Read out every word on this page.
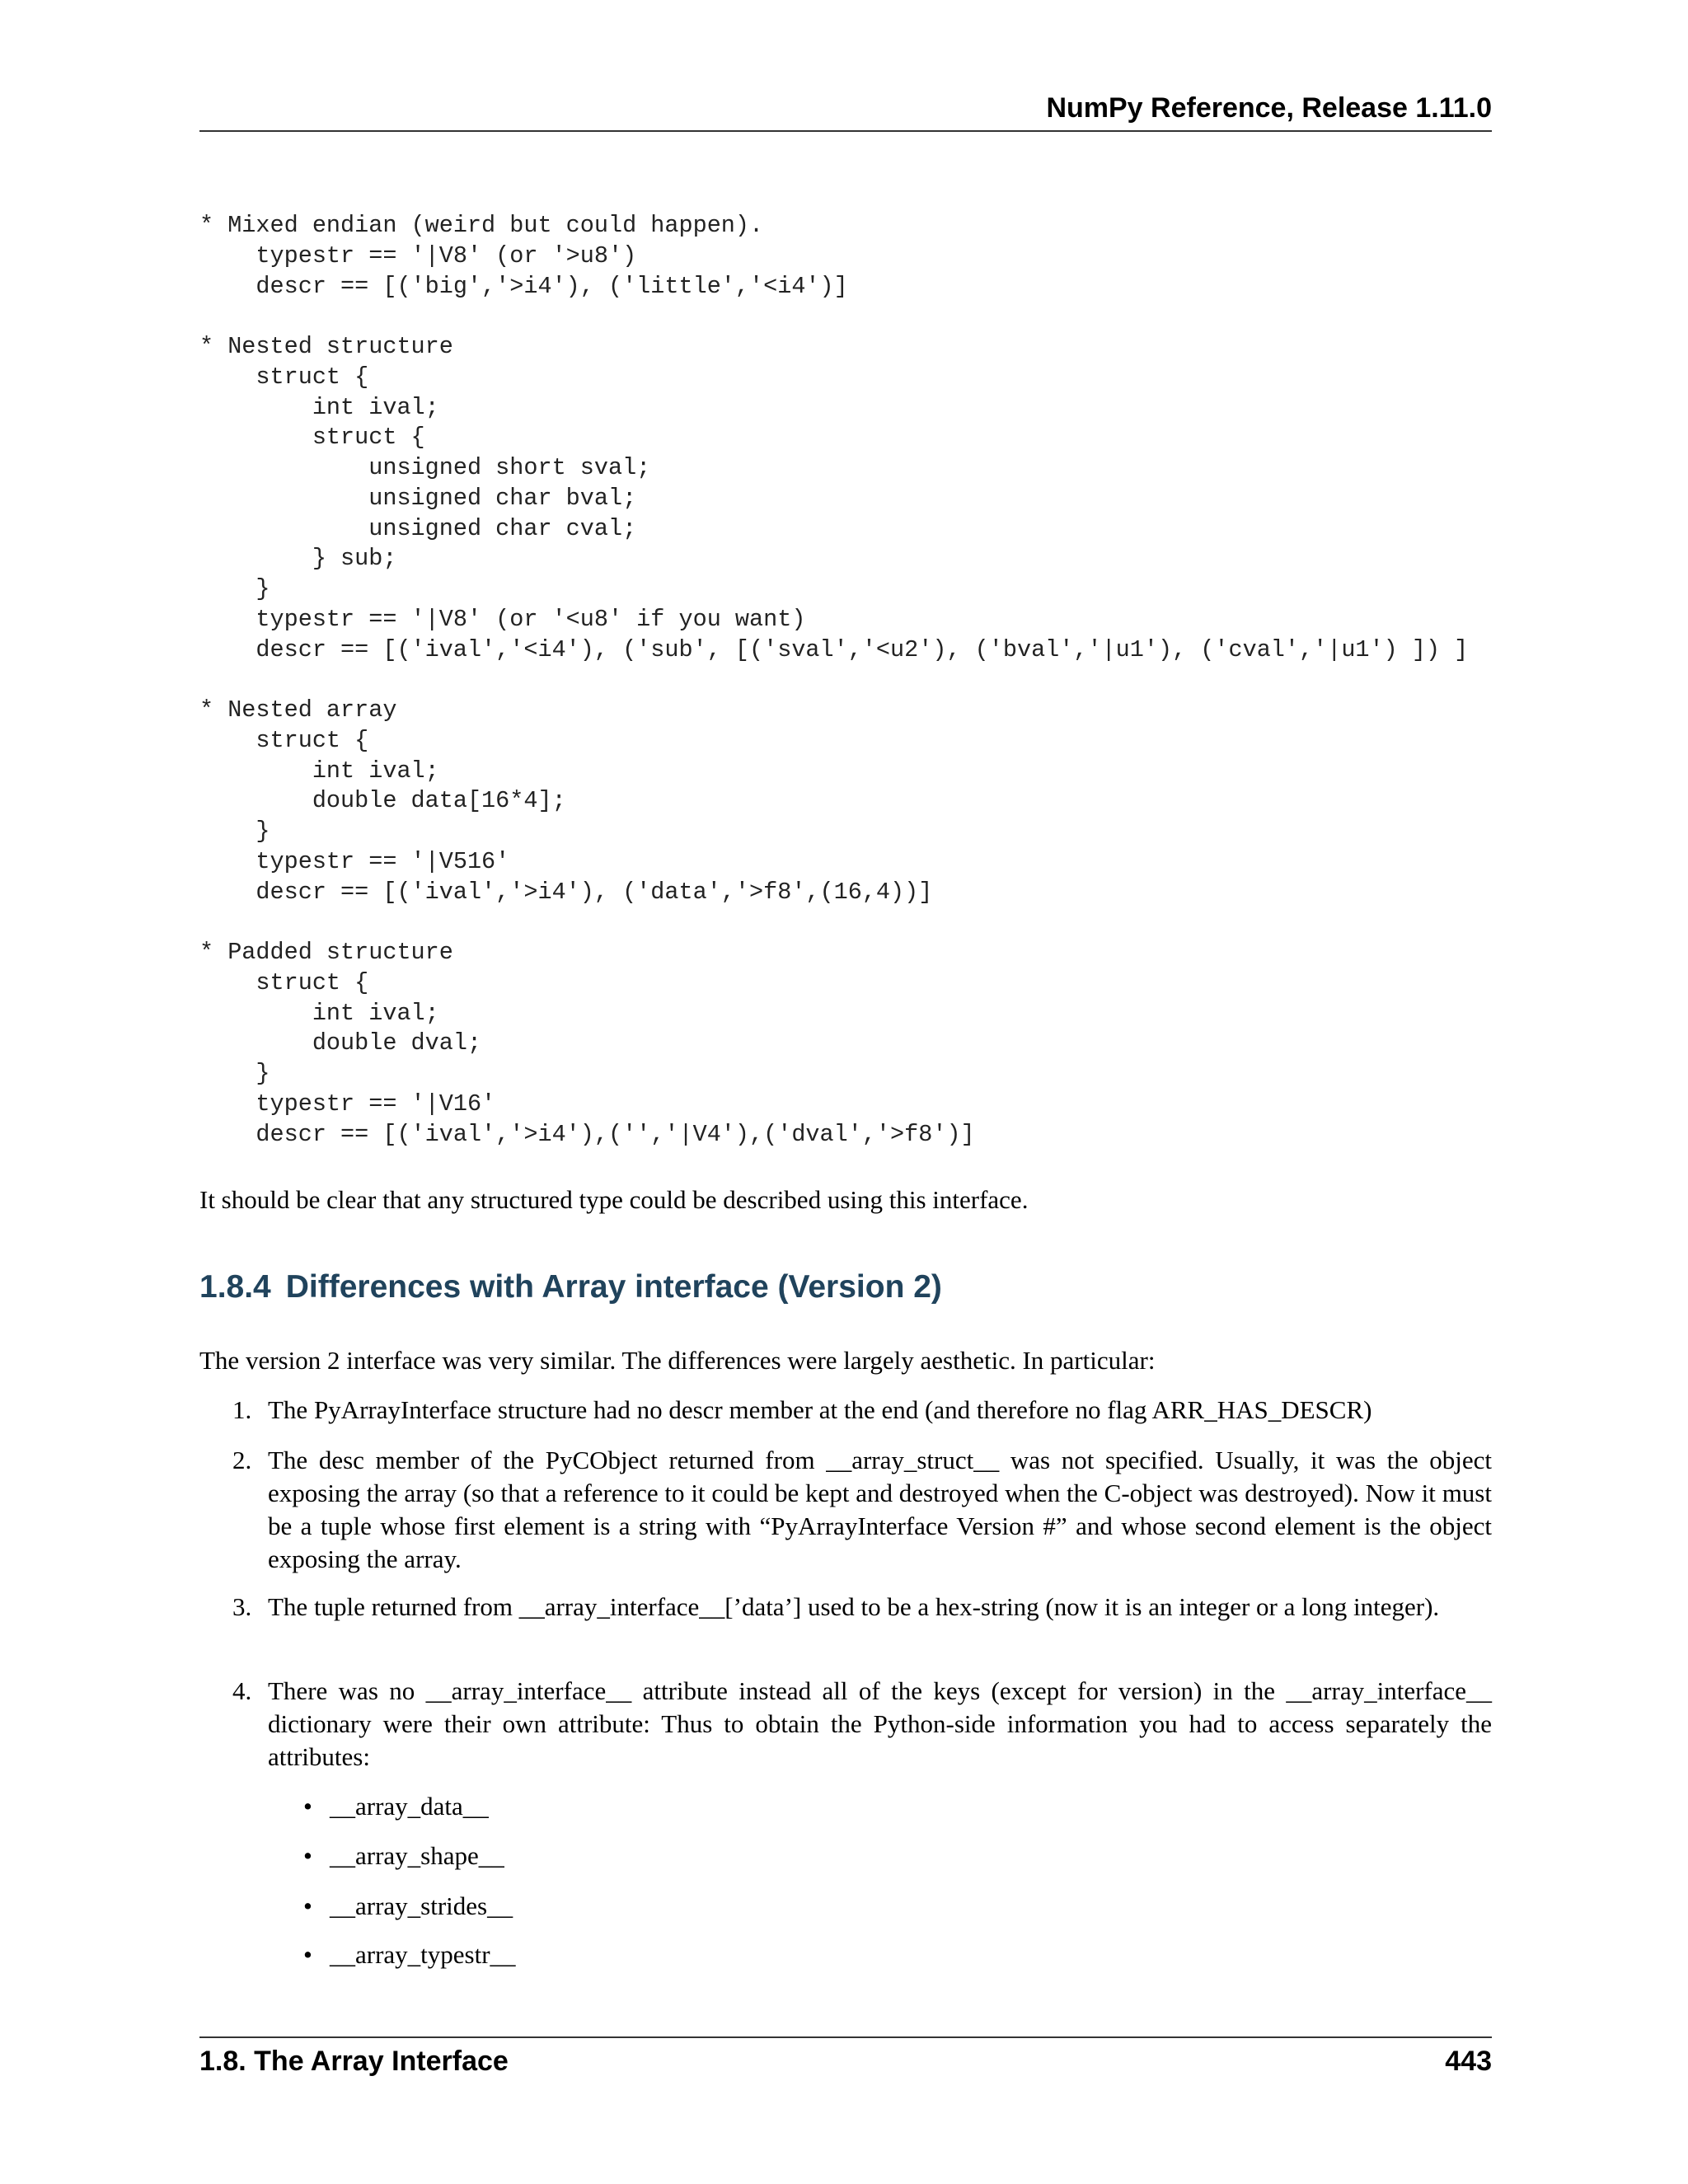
NumPy Reference, Release 1.11.0
* Mixed endian (weird but could happen).
typestr == '|V8' (or '>u8')
descr == [('big','>i4'), ('little','<i4')]

* Nested structure
struct {
int ival;
struct {
unsigned short sval;
unsigned char bval;
unsigned char cval;
} sub;
}
typestr == '|V8' (or '<u8' if you want)
descr == [('ival','<i4'), ('sub', [('sval','<u2'), ('bval','|u1'), ('cval','|u1') ]) ]

* Nested array
struct {
int ival;
double data[16*4];
}
typestr == '|V516'
descr == [('ival','>i4'), ('data','>f8',(16,4))]

* Padded structure
struct {
int ival;
double dval;
}
typestr == '|V16'
descr == [('ival','>i4'),('','|V4'),('dval','>f8')]
It should be clear that any structured type could be described using this interface.
1.8.4 Differences with Array interface (Version 2)
The version 2 interface was very similar. The differences were largely aesthetic. In particular:
1. The PyArrayInterface structure had no descr member at the end (and therefore no flag ARR_HAS_DESCR)
2. The desc member of the PyCObject returned from __array_struct__ was not specified. Usually, it was the object exposing the array (so that a reference to it could be kept and destroyed when the C-object was destroyed). Now it must be a tuple whose first element is a string with “PyArrayInterface Version #” and whose second element is the object exposing the array.
3. The tuple returned from __array_interface__[’data’] used to be a hex-string (now it is an integer or a long integer).
4. There was no __array_interface__ attribute instead all of the keys (except for version) in the __array_interface__ dictionary were their own attribute: Thus to obtain the Python-side information you had to access separately the attributes:
• __array_data__
• __array_shape__
• __array_strides__
• __array_typestr__
1.8. The Array Interface	443
